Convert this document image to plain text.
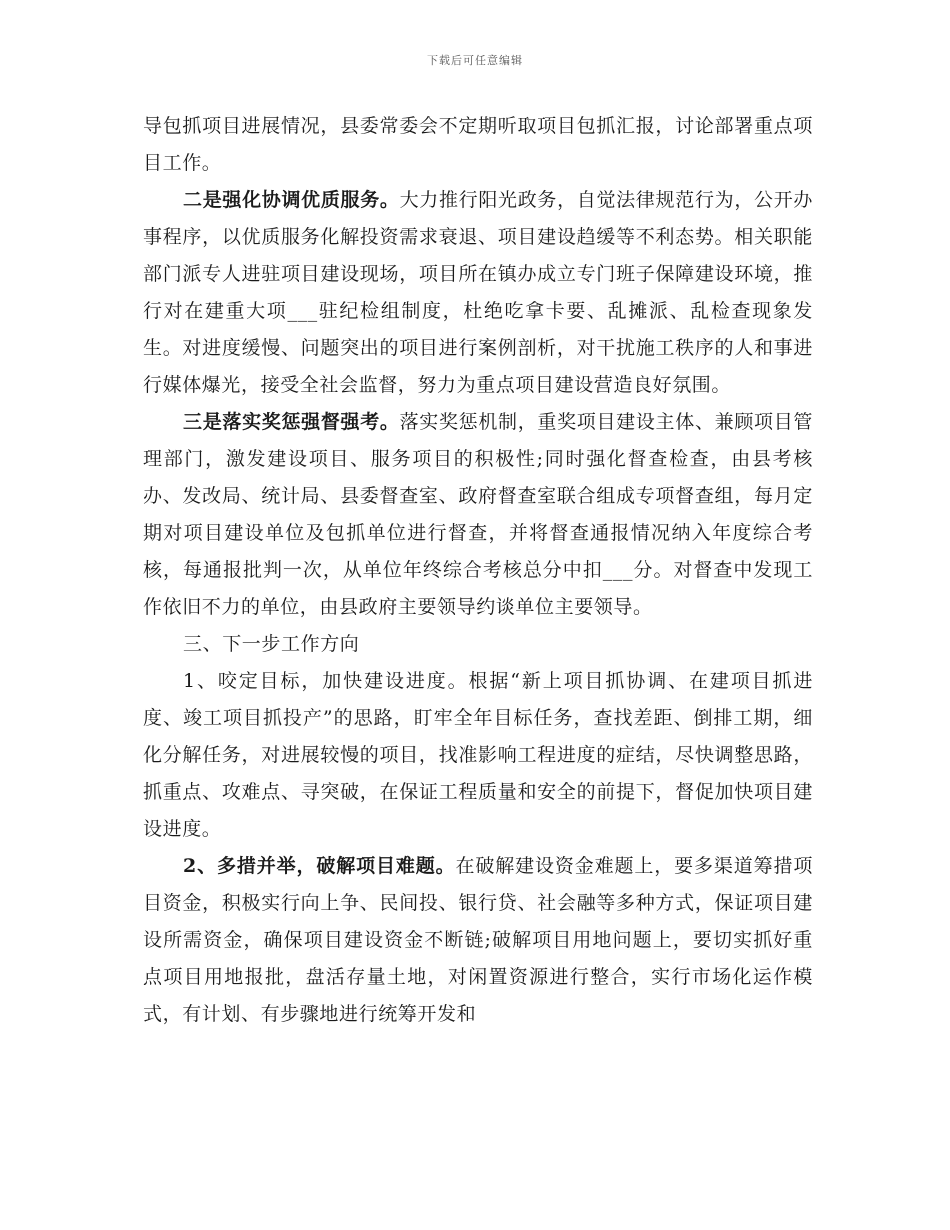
下载后可任意编辑

导包抓项目进展情况，县委常委会不定期听取项目包抓汇报，讨论部署重点项目工作。

二是强化协调优质服务。大力推行阳光政务，自觉法律规范行为，公开办事程序，以优质服务化解投资需求衰退、项目建设趋缓等不利态势。相关职能部门派专人进驻项目建设现场，项目所在镇办成立专门班子保障建设环境，推行对在建重大项___驻纪检组制度，杜绝吃拿卡要、乱摊派、乱检查现象发生。对进度缓慢、问题突出的项目进行案例剖析，对干扰施工秩序的人和事进行媒体爆光，接受全社会监督，努力为重点项目建设营造良好氛围。

三是落实奖惩强督强考。落实奖惩机制，重奖项目建设主体、兼顾项目管理部门，激发建设项目、服务项目的积极性;同时强化督查检查，由县考核办、发改局、统计局、县委督查室、政府督查室联合组成专项督查组，每月定期对项目建设单位及包抓单位进行督查，并将督查通报情况纳入年度综合考核，每通报批判一次，从单位年终综合考核总分中扣___分。对督查中发现工作依旧不力的单位，由县政府主要领导约谈单位主要领导。

三、下一步工作方向

1、咬定目标，加快建设进度。根据“新上项目抓协调、在建项目抓进度、竣工项目抓投产”的思路，盯牢全年目标任务，查找差距、倒排工期，细化分解任务，对进展较慢的项目，找准影响工程进度的症结，尽快调整思路，抓重点、攻难点、寻突破，在保证工程质量和安全的前提下，督促加快项目建设进度。

2、多措并举，破解项目难题。在破解建设资金难题上，要多渠道筹措项目资金，积极实行向上争、民间投、银行贷、社会融等多种方式，保证项目建设所需资金，确保项目建设资金不断链;破解项目用地问题上，要切实抓好重点项目用地报批，盘活存量土地，对闲置资源进行整合，实行市场化运作模式，有计划、有步骤地进行统筹开发和
